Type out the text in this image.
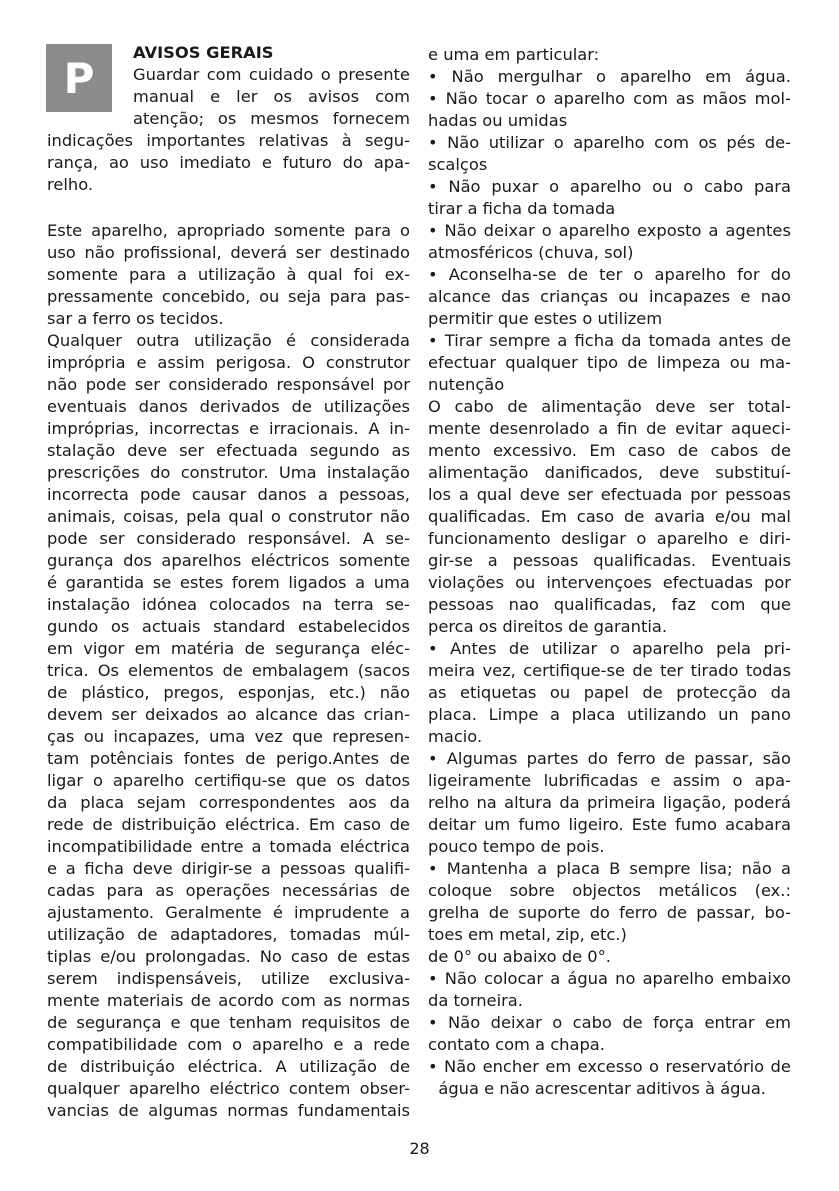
P
AVISOS GERAIS
Guardar com cuidado o presente
manual e ler os avisos com
atenção; os mesmos fornecem
indicações importantes relativas à segu-
rança, ao uso imediato e futuro do apa-
relho.
Este aparelho, apropriado somente para o
uso não profissional, deverá ser destinado
somente para a utilização à qual foi ex-
pressamente concebido, ou seja para pas-
sar a ferro os tecidos.
Qualquer outra utilização é considerada
imprópria e assim perigosa. O construtor
não pode ser considerado responsável por
eventuais danos derivados de utilizações
impróprias, incorrectas e irracionais. A in-
stalação deve ser efectuada segundo as
prescrições do construtor. Uma instalação
incorrecta pode causar danos a pessoas,
animais, coisas, pela qual o construtor não
pode ser considerado responsável. A se-
gurança dos aparelhos eléctricos somente
é garantida se estes forem ligados a uma
instalação idónea colocados na terra se-
gundo os actuais standard estabelecidos
em vigor em matéria de segurança eléc-
trica. Os elementos de embalagem (sacos
de plástico, pregos, esponjas, etc.) não
devem ser deixados ao alcance das crian-
ças ou incapazes, uma vez que represen-
tam potênciais fontes de perigo.Antes de
ligar o aparelho certifiqu-se que os datos
da placa sejam correspondentes aos da
rede de distribuição eléctrica. Em caso de
incompatibilidade entre a tomada eléctrica
e a ficha deve dirigir-se a pessoas qualifi-
cadas para as operações necessárias de
ajustamento. Geralmente é imprudente a
utilização de adaptadores, tomadas múl-
tiplas e/ou prolongadas. No caso de estas
serem indispensáveis, utilize exclusiva-
mente materiais de acordo com as normas
de segurança e que tenham requisitos de
compatibilidade com o aparelho e a rede
de distribuiçáo eléctrica. A utilização de
qualquer aparelho eléctrico contem obser-
vancias de algumas normas fundamentais
e uma em particular:
• Não mergulhar o aparelho em água.
• Não tocar o aparelho com as mãos mol-
hadas ou umidas
• Não utilizar o aparelho com os pés de-
scalços
• Não puxar o aparelho ou o cabo para
tirar a ficha da tomada
• Não deixar o aparelho exposto a agentes
atmosféricos (chuva, sol)
• Aconselha-se de ter o aparelho for do
alcance das crianças ou incapazes e nao
permitir que estes o utilizem
• Tirar sempre a ficha da tomada antes de
efectuar qualquer tipo de limpeza ou ma-
nutenção
O cabo de alimentação deve ser total-
mente desenrolado a fin de evitar aqueci-
mento excessivo. Em caso de cabos de
alimentação danificados, deve substituí-
los a qual deve ser efectuada por pessoas
qualificadas. Em caso de avaria e/ou mal
funcionamento desligar o aparelho e diri-
gir-se a pessoas qualificadas. Eventuais
violações ou intervençoes efectuadas por
pessoas nao qualificadas, faz com que
perca os direitos de garantia.
• Antes de utilizar o aparelho pela pri-
meira vez, certifique-se de ter tirado todas
as etiquetas ou papel de protecção da
placa. Limpe a placa utilizando un pano
macio.
• Algumas partes do ferro de passar, são
ligeiramente lubrificadas e assim o apa-
relho na altura da primeira ligação, poderá
deitar um fumo ligeiro. Este fumo acabara
pouco tempo de pois.
• Mantenha a placa B sempre lisa; não a
coloque sobre objectos metálicos (ex.:
grelha de suporte do ferro de passar, bo-
toes em metal, zip, etc.)
de 0° ou abaixo de 0°.
• Não colocar a água no aparelho embaixo
da torneira.
• Não deixar o cabo de força entrar em
contato com a chapa.
• Não encher em excesso o reservatório de
água e não acrescentar aditivos à água.
28
